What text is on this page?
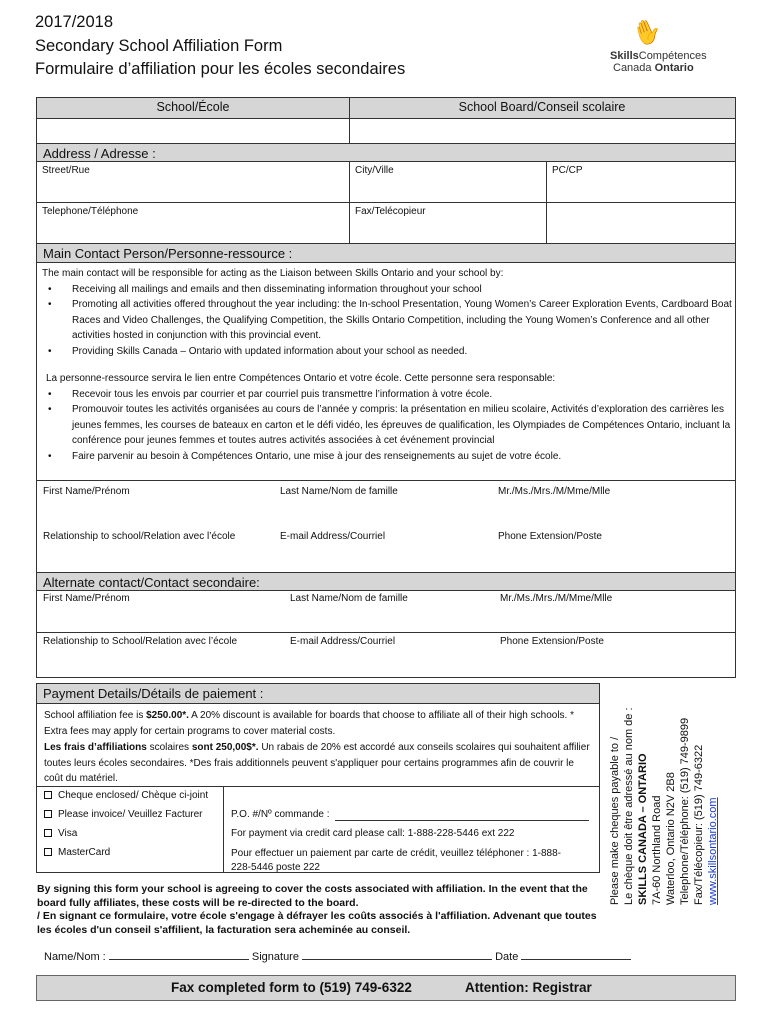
2017/2018
Secondary School Affiliation Form
Formulaire d’affiliation pour les écoles secondaires
✋
SkillsCompétences
Canada Ontario
School/École	School Board/Conseil scolaire
Address / Adresse :
Street/Rue	City/Ville	PC/CP
Telephone/Téléphone	Fax/Telécopieur
Main Contact Person/Personne-ressource :
The main contact will be responsible for acting as the Liaison between Skills Ontario and your school by:
• Receiving all mailings and emails and then disseminating information throughout your school
• Promoting all activities offered throughout the year including: the In-school Presentation, Young Women’s Career Exploration Events, Cardboard Boat Races and Video Challenges, the Qualifying Competition, the Skills Ontario Competition, including the Young Women’s Conference and all other activities hosted in conjunction with this provincial event.
• Providing Skills Canada – Ontario with updated information about your school as needed.
La personne-ressource servira le lien entre Compétences Ontario et votre école. Cette personne sera responsable:
• Recevoir tous les envois par courrier et par courriel puis transmettre l’information à votre école.
• Promouvoir toutes les activités organisées au cours de l’année y compris: la présentation en milieu scolaire, Activités d’exploration des carrières les jeunes femmes, les courses de bateaux en carton et le défi vidéo, les épreuves de qualification, les Olympiades de Compétences Ontario, incluant la conférence pour jeunes femmes et toutes autres activités associées à cet événement provincial
• Faire parvenir au besoin à Compétences Ontario, une mise à jour des renseignements au sujet de votre école.
First Name/Prénom	Last Name/Nom de famille	Mr./Ms./Mrs./M/Mme/Mlle
Relationship to school/Relation avec l’école	E-mail Address/Courriel	Phone Extension/Poste
Alternate contact/Contact secondaire:
First Name/Prénom	Last Name/Nom de famille	Mr./Ms./Mrs./M/Mme/Mlle
Relationship to School/Relation avec l’école	E-mail Address/Courriel	Phone Extension/Poste
Payment Details/Détails de paiement :
School affiliation fee is $250.00*. A 20% discount is available for boards that choose to affiliate all of their high schools. * Extra fees may apply for certain programs to cover material costs.
Les frais d’affiliations scolaires sont 250,00$*. Un rabais de 20% est accordé aux conseils scolaires qui souhaitent affilier toutes leurs écoles secondaires. *Des frais additionnels peuvent s'appliquer pour certains programmes afin de couvrir le coût du matériel.
Cheque enclosed/ Chèque ci-joint
Please invoice/ Veuillez Facturer
Visa
MasterCard
P.O. #/Nº commande :
For payment via credit card please call: 1-888-228-5446 ext 222
Pour effectuer un paiement par carte de crédit, veuillez téléphoner : 1-888-228-5446 poste 222
By signing this form your school is agreeing to cover the costs associated with affiliation. In the event that the board fully affiliates, these costs will be re-directed to the board.
/ En signant ce formulaire, votre école s'engage à défrayer les coûts associés à l'affiliation. Advenant que toutes les écoles d'un conseil s'affilient, la facturation sera acheminée au conseil.
Name/Nom :	Signature	Date
Fax completed form to (519) 749-6322	Attention: Registrar
Please make cheques payable to / Le chèque doit être adressé au nom de : SKILLS CANADA – ONTARIO 7A-60 Northland Road Waterloo, Ontario N2V 2B8 Telephone/Téléphone: (519) 749-9899 Fax/Télécopieur: (519) 749-6322 www.skillsontario.com
